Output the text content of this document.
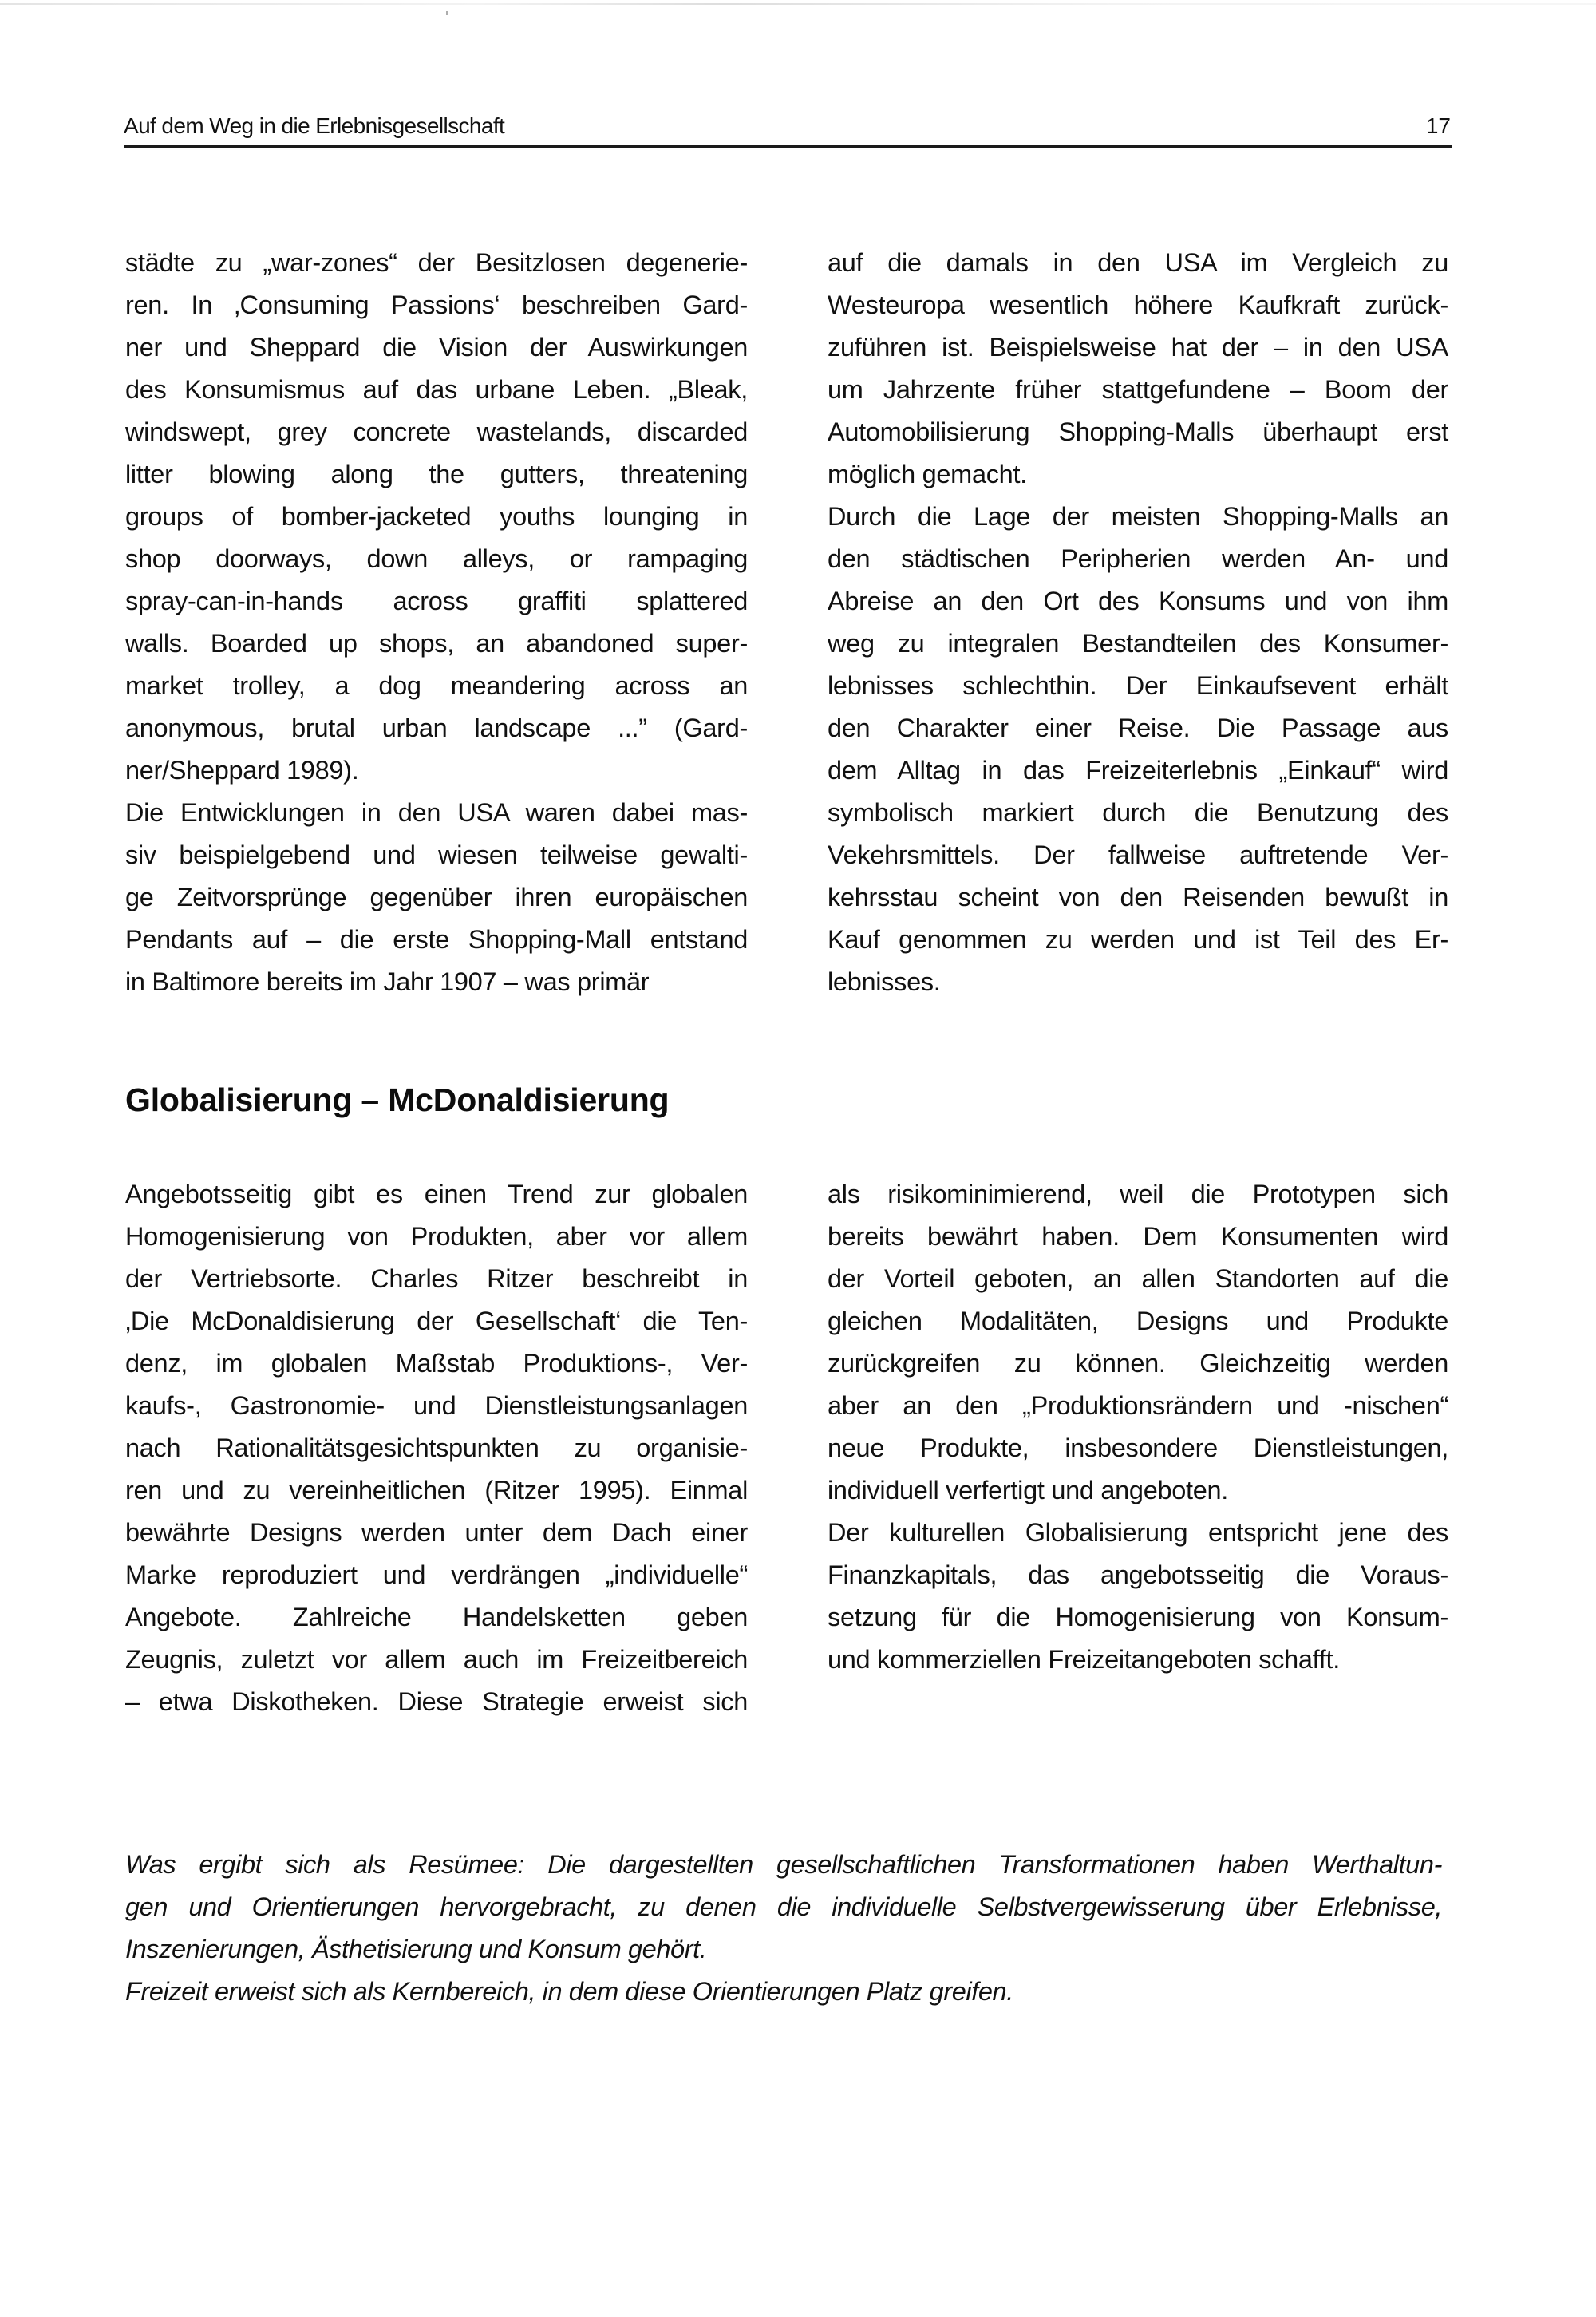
Auf dem Weg in die Erlebnisgesellschaft	17
städte zu „war-zones“ der Besitzlosen degenerie-
ren. In ‚Consuming Passions‘ beschreiben Gard-
ner und Sheppard die Vision der Auswirkungen
des Konsumismus auf das urbane Leben. „Bleak,
windswept, grey concrete wastelands, discarded
litter blowing along the gutters, threatening
groups of bomber-jacketed youths lounging in
shop doorways, down alleys, or rampaging
spray-can-in-hands across graffiti splattered
walls. Boarded up shops, an abandoned super-
market trolley, a dog meandering across an
anonymous, brutal urban landscape ...” (Gard-
ner/Sheppard 1989).
Die Entwicklungen in den USA waren dabei mas-
siv beispielgebend und wiesen teilweise gewalti-
ge Zeitvorsprünge gegenüber ihren europäischen
Pendants auf – die erste Shopping-Mall entstand
in Baltimore bereits im Jahr 1907 – was primär
auf die damals in den USA im Vergleich zu
Westeuropa wesentlich höhere Kaufkraft zurück-
zuführen ist. Beispielsweise hat der – in den USA
um Jahrzente früher stattgefundene – Boom der
Automobilisierung Shopping-Malls überhaupt erst
möglich gemacht.
Durch die Lage der meisten Shopping-Malls an
den städtischen Peripherien werden An- und
Abreise an den Ort des Konsums und von ihm
weg zu integralen Bestandteilen des Konsumer-
lebnisses schlechthin. Der Einkaufsevent erhält
den Charakter einer Reise. Die Passage aus
dem Alltag in das Freizeiterlebnis „Einkauf“ wird
symbolisch markiert durch die Benutzung des
Vekehrsmittels. Der fallweise auftretende Ver-
kehrsstau scheint von den Reisenden bewußt in
Kauf genommen zu werden und ist Teil des Er-
lebnisses.
Globalisierung – McDonaldisierung
Angebotsseitig gibt es einen Trend zur globalen
Homogenisierung von Produkten, aber vor allem
der Vertriebsorte. Charles Ritzer beschreibt in
‚Die McDonaldisierung der Gesellschaft‘ die Ten-
denz, im globalen Maßstab Produktions-, Ver-
kaufs-, Gastronomie- und Dienstleistungsanlagen
nach Rationalitätsgesichtspunkten zu organisie-
ren und zu vereinheitlichen (Ritzer 1995). Einmal
bewährte Designs werden unter dem Dach einer
Marke reproduziert und verdrängen „individuelle“
Angebote. Zahlreiche Handelsketten geben
Zeugnis, zuletzt vor allem auch im Freizeitbereich
– etwa Diskotheken. Diese Strategie erweist sich
als risikominimierend, weil die Prototypen sich
bereits bewährt haben. Dem Konsumenten wird
der Vorteil geboten, an allen Standorten auf die
gleichen Modalitäten, Designs und Produkte
zurückgreifen zu können. Gleichzeitig werden
aber an den „Produktionsrändern und -nischen“
neue Produkte, insbesondere Dienstleistungen,
individuell verfertigt und angeboten.
Der kulturellen Globalisierung entspricht jene des
Finanzkapitals, das angebotsseitig die Voraus-
setzung für die Homogenisierung von Konsum-
und kommerziellen Freizeitangeboten schafft.
Was ergibt sich als Resümee: Die dargestellten gesellschaftlichen Transformationen haben Werthaltun-
gen und Orientierungen hervorgebracht, zu denen die individuelle Selbstvergewisserung über Erlebnisse,
Inszenierungen, Ästhetisierung und Konsum gehört.
Freizeit erweist sich als Kernbereich, in dem diese Orientierungen Platz greifen.
